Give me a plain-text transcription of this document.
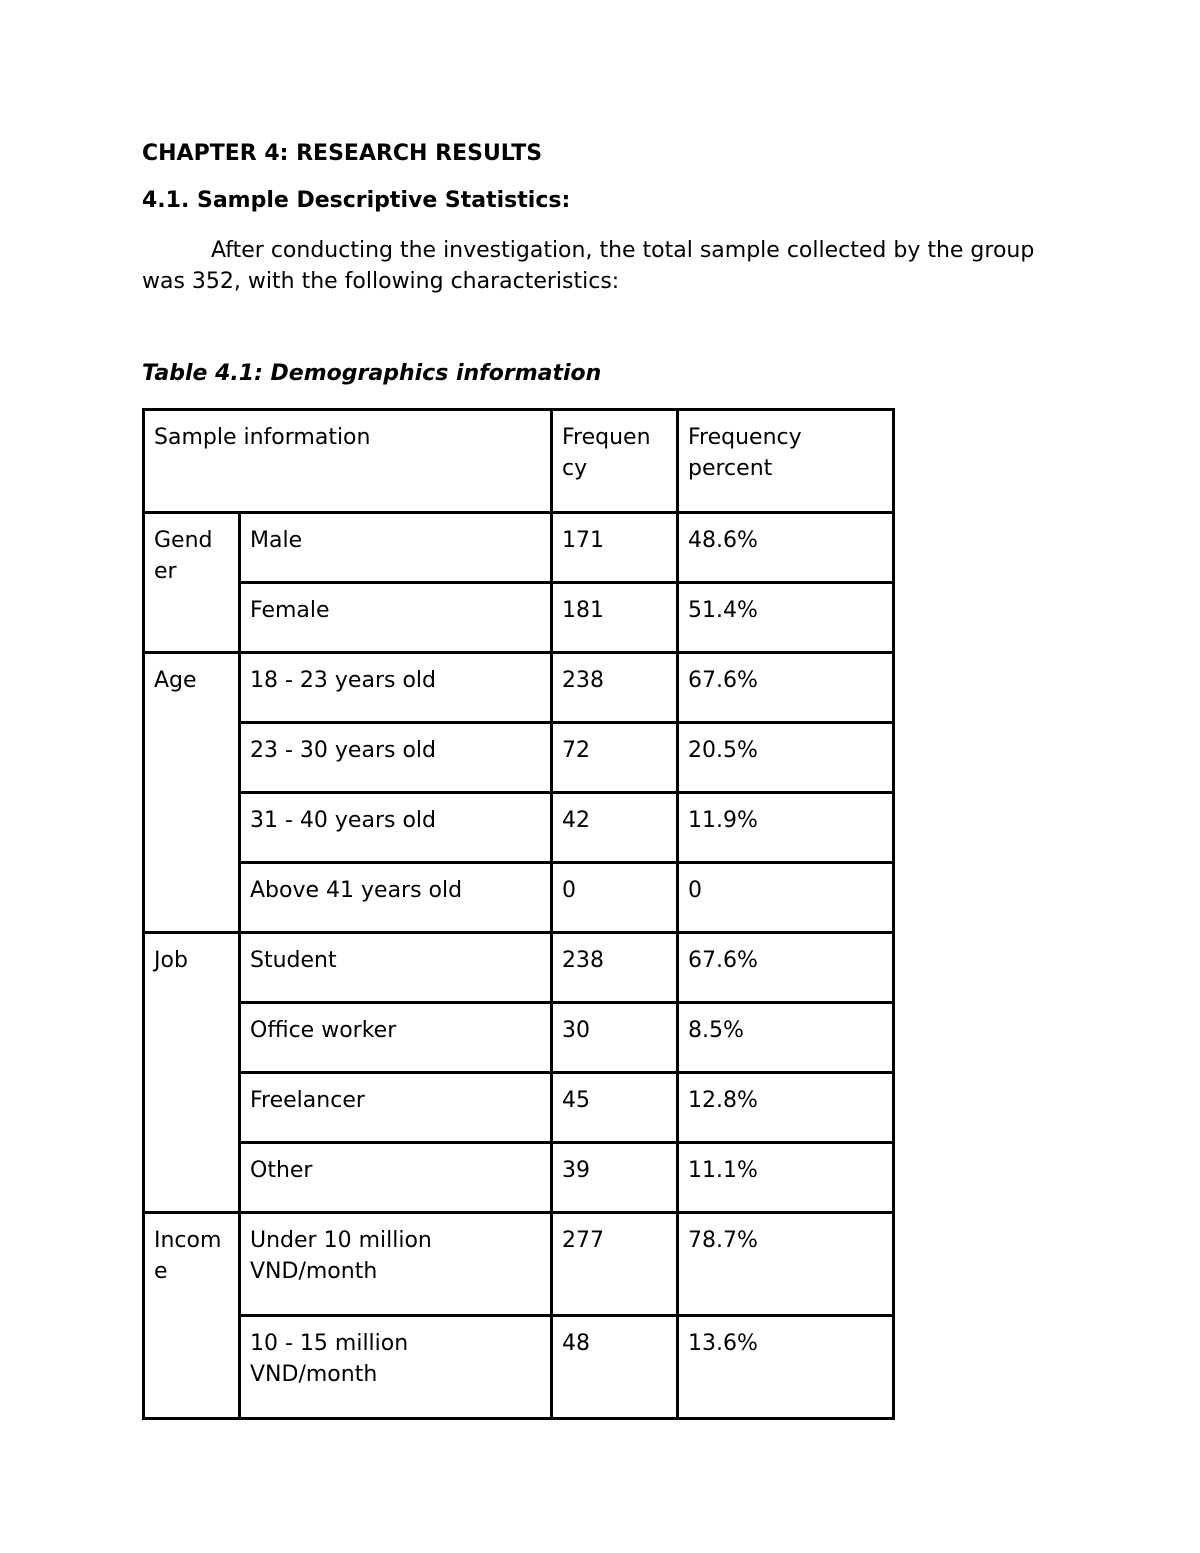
CHAPTER 4: RESEARCH RESULTS
4.1. Sample Descriptive Statistics:

After conducting the investigation, the total sample collected by the group was 352, with the following characteristics:

Table 4.1: Demographics information

Sample information		Frequen cy	Frequency percent
Gend er	Male	171	48.6%
	Female	181	51.4%
Age	18 - 23 years old	238	67.6%
	23 - 30 years old	72	20.5%
	31 - 40 years old	42	11.9%
	Above 41 years old	0	0
Job	Student	238	67.6%
	Office worker	30	8.5%
	Freelancer	45	12.8%
	Other	39	11.1%
Incom e	Under 10 million VND/month	277	78.7%
	10 - 15 million VND/month	48	13.6%
